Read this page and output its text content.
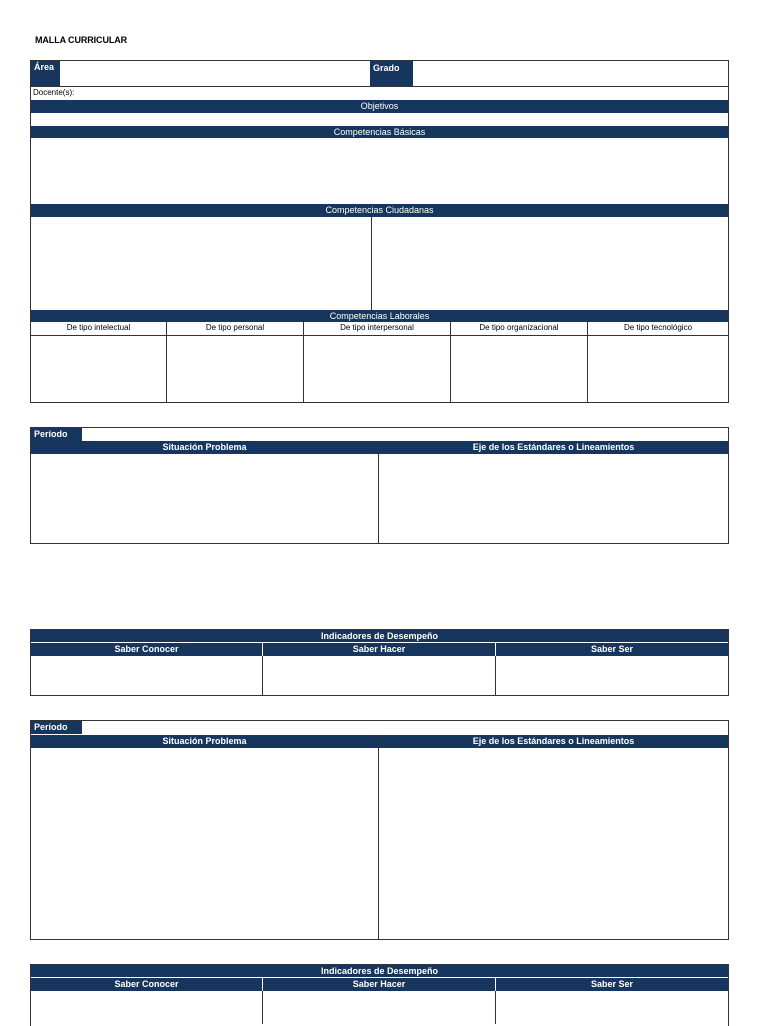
MALLA CURRICULAR
Área	Grado
Docente(s):
Objetivos
Competencias Básicas
Competencias Ciudadanas
Competencias Laborales
De tipo intelectual	De tipo personal	De tipo interpersonal	De tipo organizacional	De tipo tecnológico
Período
Situación Problema	Eje de los Estándares o Lineamientos
Indicadores de Desempeño
Saber Conocer	Saber Hacer	Saber Ser
Período
Situación Problema	Eje de los Estándares o Lineamientos
Indicadores de Desempeño
Saber Conocer	Saber Hacer	Saber Ser
